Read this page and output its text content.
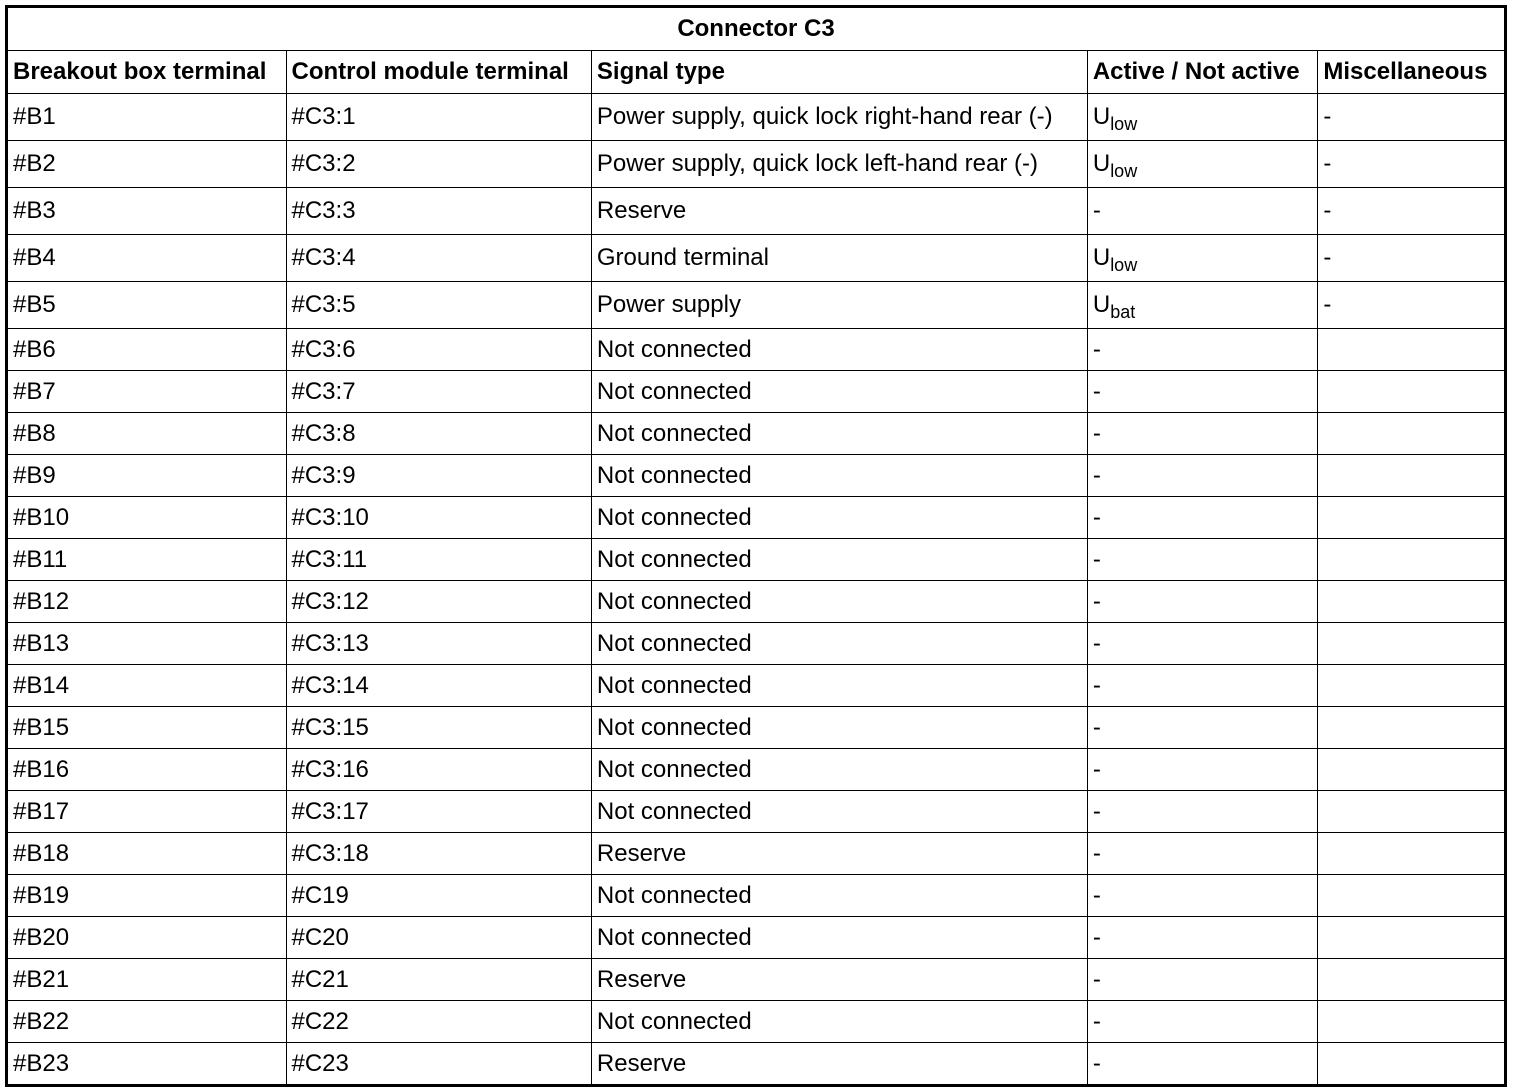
Connector C3				
Breakout box terminal	Control module terminal	Signal type	Active / Not active	Miscellaneous
#B1	#C3:1	Power supply, quick lock right-hand rear (-)	$U_{low}$	-
#B2	#C3:2	Power supply, quick lock left-hand rear (-)	$U_{low}$	-
#B3	#C3:3	Reserve	-	-
#B4	#C3:4	Ground terminal	$U_{low}$	-
#B5	#C3:5	Power supply	$U_{bat}$	-
#B6	#C3:6	Not connected	-	
#B7	#C3:7	Not connected	-	
#B8	#C3:8	Not connected	-	
#B9	#C3:9	Not connected	-	
#B10	#C3:10	Not connected	-	
#B11	#C3:11	Not connected	-	
#B12	#C3:12	Not connected	-	
#B13	#C3:13	Not connected	-	
#B14	#C3:14	Not connected	-	
#B15	#C3:15	Not connected	-	
#B16	#C3:16	Not connected	-	
#B17	#C3:17	Not connected	-	
#B18	#C3:18	Reserve	-	
#B19	#C19	Not connected	-	
#B20	#C20	Not connected	-	
#B21	#C21	Reserve	-	
#B22	#C22	Not connected	-	
#B23	#C23	Reserve	-	
